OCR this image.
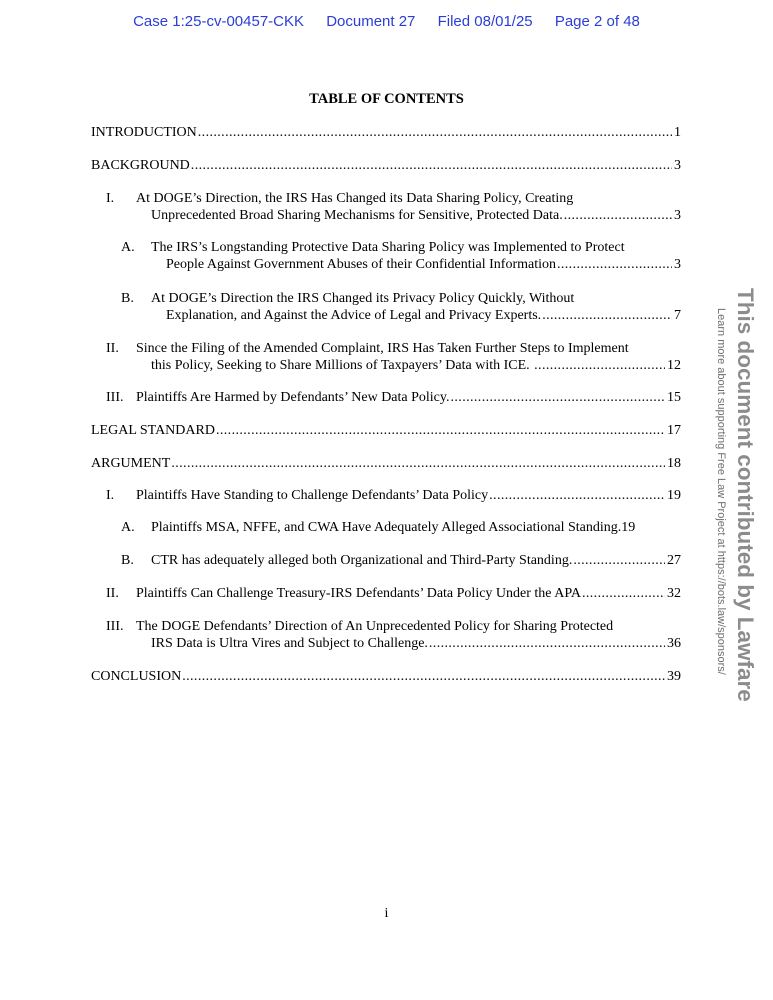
Case 1:25-cv-00457-CKK Document 27 Filed 08/01/25 Page 2 of 48
TABLE OF CONTENTS
INTRODUCTION .....	1
BACKGROUND .....	3
I. At DOGE’s Direction, the IRS Has Changed its Data Sharing Policy, Creating
Unprecedented Broad Sharing Mechanisms for Sensitive, Protected Data. .....	3
A. The IRS’s Longstanding Protective Data Sharing Policy was Implemented to Protect
People Against Government Abuses of their Confidential Information .....	3
B. At DOGE’s Direction the IRS Changed its Privacy Policy Quickly, Without
Explanation, and Against the Advice of Legal and Privacy Experts. .....	7
II. Since the Filing of the Amended Complaint, IRS Has Taken Further Steps to Implement
this Policy, Seeking to Share Millions of Taxpayers’ Data with ICE. .....	12
III. Plaintiffs Are Harmed by Defendants’ New Data Policy. .....	15
LEGAL STANDARD .....	17
ARGUMENT .....	18
I.	Plaintiffs Have Standing to Challenge Defendants’ Data Policy .....	19
A.	Plaintiffs MSA, NFFE, and CWA Have Adequately Alleged Associational Standing. 19
B.	CTR has adequately alleged both Organizational and Third-Party Standing. .....	27
II.	Plaintiffs Can Challenge Treasury-IRS Defendants’ Data Policy Under the APA .....	32
III. The DOGE Defendants’ Direction of An Unprecedented Policy for Sharing Protected
IRS Data is Ultra Vires and Subject to Challenge. .....	36
CONCLUSION .....	39
i
This document contributed by Lawfare
Learn more about supporting Free Law Project at https://bots.law/sponsors/
